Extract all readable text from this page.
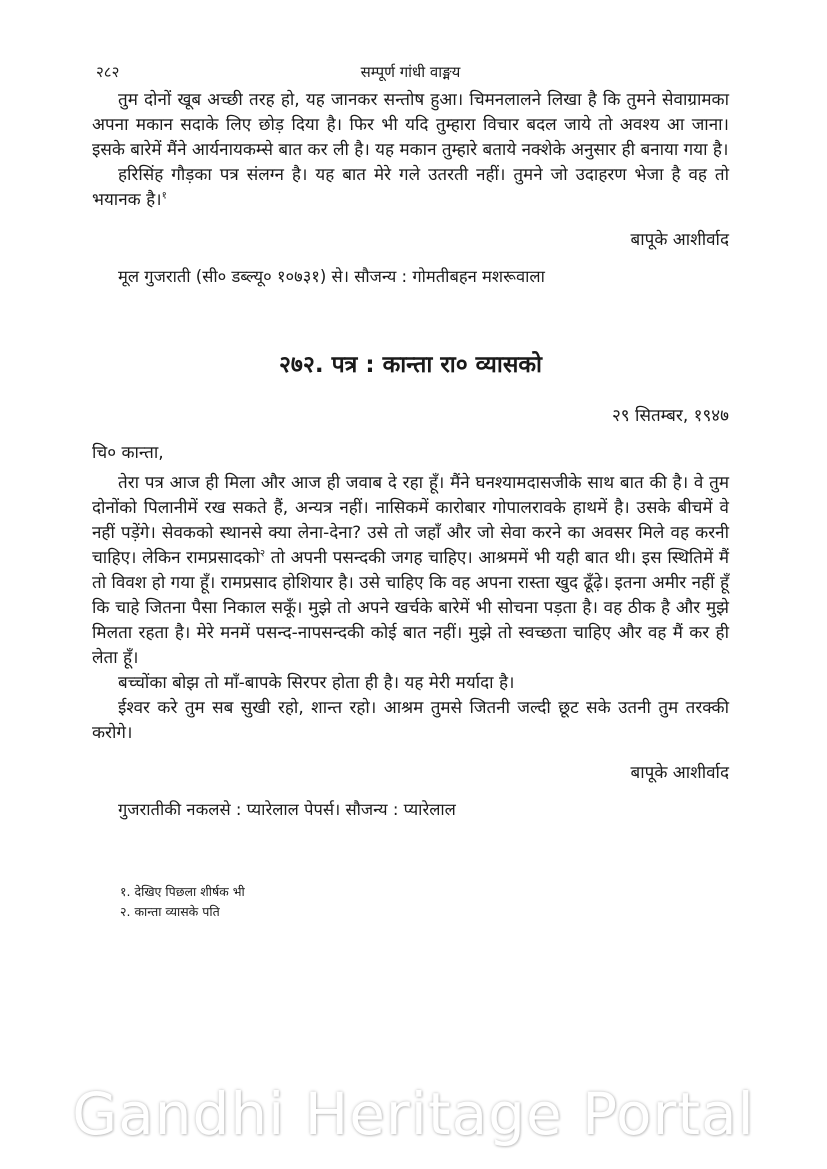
२८२	सम्पूर्ण गांधी वाङ्मय

तुम दोनों खूब अच्छी तरह हो, यह जानकर सन्तोष हुआ। चिमनलालने लिखा है कि तुमने सेवाग्रामका अपना मकान सदाके लिए छोड़ दिया है। फिर भी यदि तुम्हारा विचार बदल जाये तो अवश्य आ जाना। इसके बारेमें मैंने आर्यनायकम्से बात कर ली है। यह मकान तुम्हारे बताये नक्शेके अनुसार ही बनाया गया है।

हरिसिंह गौड़का पत्र संलग्न है। यह बात मेरे गले उतरती नहीं। तुमने जो उदाहरण भेजा है वह तो भयानक है।$^१$

बापूके आशीर्वाद
मूल गुजराती (सी० डब्ल्यू० १०७३१) से। सौजन्य : गोमतीबहन मशरूवाला
२७२. पत्र : कान्ता रा० व्यासको
२९ सितम्बर, १९४७
चि० कान्ता,

तेरा पत्र आज ही मिला और आज ही जवाब दे रहा हूँ। मैंने घनश्यामदासजीके साथ बात की है। वे तुम दोनोंको पिलानीमें रख सकते हैं, अन्यत्र नहीं। नासिकमें कारोबार गोपालरावके हाथमें है। उसके बीचमें वे नहीं पड़ेंगे। सेवकको स्थानसे क्या लेना-देना? उसे तो जहाँ और जो सेवा करने का अवसर मिले वह करनी चाहिए। लेकिन रामप्रसादको$^२$ तो अपनी पसन्दकी जगह चाहिए। आश्रममें भी यही बात थी। इस स्थितिमें मैं तो विवश हो गया हूँ। रामप्रसाद होशियार है। उसे चाहिए कि वह अपना रास्ता खुद ढूँढ़े। इतना अमीर नहीं हूँ कि चाहे जितना पैसा निकाल सकूँ। मुझे तो अपने खर्चके बारेमें भी सोचना पड़ता है। वह ठीक है और मुझे मिलता रहता है। मेरे मनमें पसन्द-नापसन्दकी कोई बात नहीं। मुझे तो स्वच्छता चाहिए और वह मैं कर ही लेता हूँ।

बच्चोंका बोझ तो माँ-बापके सिरपर होता ही है। यह मेरी मर्यादा है।

ईश्वर करे तुम सब सुखी रहो, शान्त रहो। आश्रम तुमसे जितनी जल्दी छूट सके उतनी तुम तरक्की करोगे।

बापूके आशीर्वाद
गुजरातीकी नकलसे : प्यारेलाल पेपर्स। सौजन्य : प्यारेलाल
१. देखिए पिछला शीर्षक भी
२. कान्ता व्यासके पति
Gandhi Heritage Portal
